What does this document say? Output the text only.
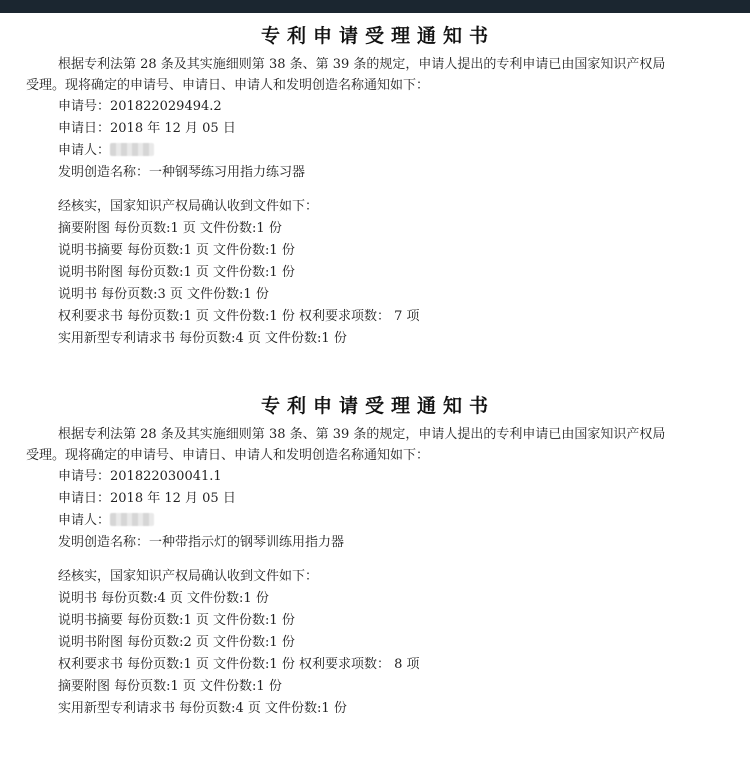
专利申请受理通知书
根据专利法第 28 条及其实施细则第 38 条、第 39 条的规定，申请人提出的专利申请已由国家知识产权局
受理。现将确定的申请号、申请日、申请人和发明创造名称通知如下：
申请号：201822029494.2
申请日：2018 年 12 月 05 日
申请人：
发明创造名称：一种钢琴练习用指力练习器
经核实，国家知识产权局确认收到文件如下：
摘要附图 每份页数:1 页 文件份数:1 份
说明书摘要 每份页数:1 页 文件份数:1 份
说明书附图 每份页数:1 页 文件份数:1 份
说明书 每份页数:3 页 文件份数:1 份
权利要求书 每份页数:1 页 文件份数:1 份 权利要求项数： 7 项
实用新型专利请求书 每份页数:4 页 文件份数:1 份
专利申请受理通知书
根据专利法第 28 条及其实施细则第 38 条、第 39 条的规定，申请人提出的专利申请已由国家知识产权局
受理。现将确定的申请号、申请日、申请人和发明创造名称通知如下：
申请号：201822030041.1
申请日：2018 年 12 月 05 日
申请人：
发明创造名称：一种带指示灯的钢琴训练用指力器
经核实，国家知识产权局确认收到文件如下：
说明书 每份页数:4 页 文件份数:1 份
说明书摘要 每份页数:1 页 文件份数:1 份
说明书附图 每份页数:2 页 文件份数:1 份
权利要求书 每份页数:1 页 文件份数:1 份 权利要求项数： 8 项
摘要附图 每份页数:1 页 文件份数:1 份
实用新型专利请求书 每份页数:4 页 文件份数:1 份
